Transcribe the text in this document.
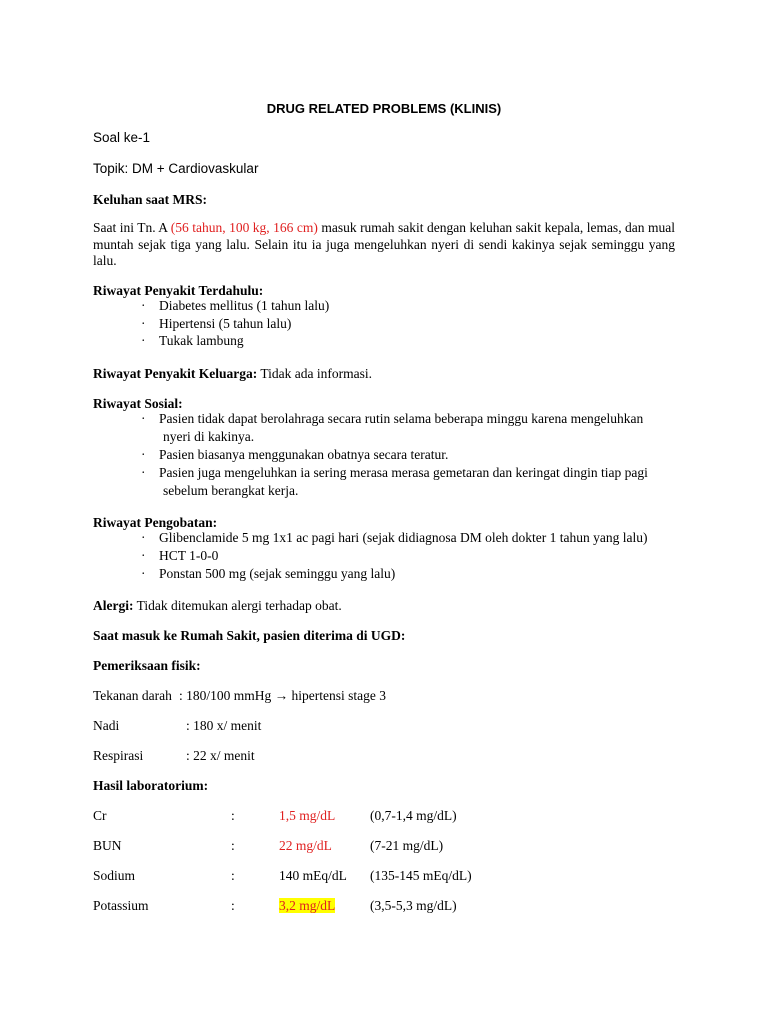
DRUG RELATED PROBLEMS (KLINIS)
Soal ke-1
Topik: DM + Cardiovaskular
Keluhan saat MRS:
Saat ini Tn. A (56 tahun, 100 kg, 166 cm) masuk rumah sakit dengan keluhan sakit kepala, lemas, dan mual muntah sejak tiga yang lalu. Selain itu ia juga mengeluhkan nyeri di sendi kakinya sejak seminggu yang lalu.
Riwayat Penyakit Terdahulu:
· Diabetes mellitus (1 tahun lalu)
· Hipertensi (5 tahun lalu)
· Tukak lambung
Riwayat Penyakit Keluarga: Tidak ada informasi.
Riwayat Sosial:
· Pasien tidak dapat berolahraga secara rutin selama beberapa minggu karena mengeluhkan
nyeri di kakinya.
· Pasien biasanya menggunakan obatnya secara teratur.
· Pasien juga mengeluhkan ia sering merasa merasa gemetaran dan keringat dingin tiap pagi
sebelum berangkat kerja.
Riwayat Pengobatan:
· Glibenclamide 5 mg 1x1 ac pagi hari (sejak didiagnosa DM oleh dokter 1 tahun yang lalu)
· HCT 1-0-0
· Ponstan 500 mg (sejak seminggu yang lalu)
Alergi: Tidak ditemukan alergi terhadap obat.
Saat masuk ke Rumah Sakit, pasien diterima di UGD:
Pemeriksaan fisik:
Tekanan darah : 180/100 mmHg → hipertensi stage 3
Nadi	: 180 x/ menit
Respirasi	: 22 x/ menit
Hasil laboratorium:
Cr	:	1,5 mg/dL	(0,7-1,4 mg/dL)
BUN	:	22 mg/dL	(7-21 mg/dL)
Sodium	:	140 mEq/dL (135-145 mEq/dL)
Potassium	:	3,2 mg/dL	(3,5-5,3 mg/dL)
